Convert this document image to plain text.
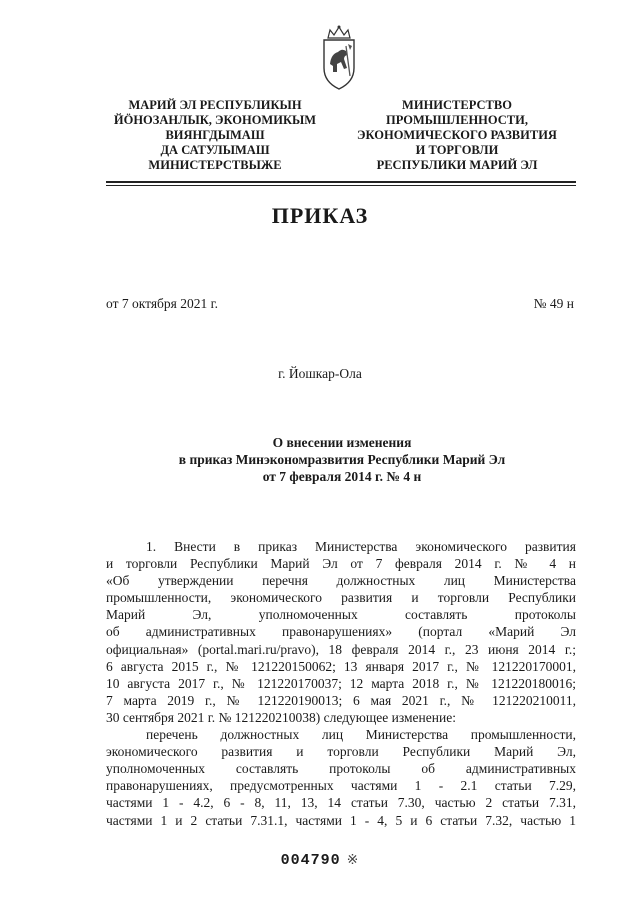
МАРИЙ ЭЛ РЕСПУБЛИКЫН
ЙӦНОЗАНЛЫК, ЭКОНОМИКЫМ
ВИЯНГДЫМАШ
ДА САТУЛЫМАШ
МИНИСТЕРСТВЫЖЕ
МИНИСТЕРСТВО
ПРОМЫШЛЕННОСТИ,
ЭКОНОМИЧЕСКОГО РАЗВИТИЯ
И ТОРГОВЛИ
РЕСПУБЛИКИ МАРИЙ ЭЛ
ПРИКАЗ
от 7 октября 2021 г.	№ 49 н
г. Йошкар-Ола
О внесении изменения
в приказ Минэкономразвития Республики Марий Эл
от 7 февраля 2014 г. № 4 н
1. Внести в приказ Министерства экономического развития
и торговли Республики Марий Эл от 7 февраля 2014 г. № 4 н
«Об утверждении перечня должностных лиц Министерства
промышленности, экономического развития и торговли Республики
Марий Эл, уполномоченных составлять протоколы
об административных правонарушениях» (портал «Марий Эл
официальная» (portal.mari.ru/pravo), 18 февраля 2014 г., 23 июня 2014 г.;
6 августа 2015 г., № 121220150062; 13 января 2017 г., № 121220170001,
10 августа 2017 г., № 121220170037; 12 марта 2018 г., № 121220180016;
7 марта 2019 г., № 121220190013; 6 мая 2021 г., № 121220210011,
30 сентября 2021 г. № 121220210038) следующее изменение:
перечень должностных лиц Министерства промышленности,
экономического развития и торговли Республики Марий Эл,
уполномоченных составлять протоколы об административных
правонарушениях, предусмотренных частями 1 - 2.1 статьи 7.29,
частями 1 - 4.2, 6 - 8, 11, 13, 14 статьи 7.30, частью 2 статьи 7.31,
частями 1 и 2 статьи 7.31.1, частями 1 - 4, 5 и 6 статьи 7.32, частью 1
004790 ※
